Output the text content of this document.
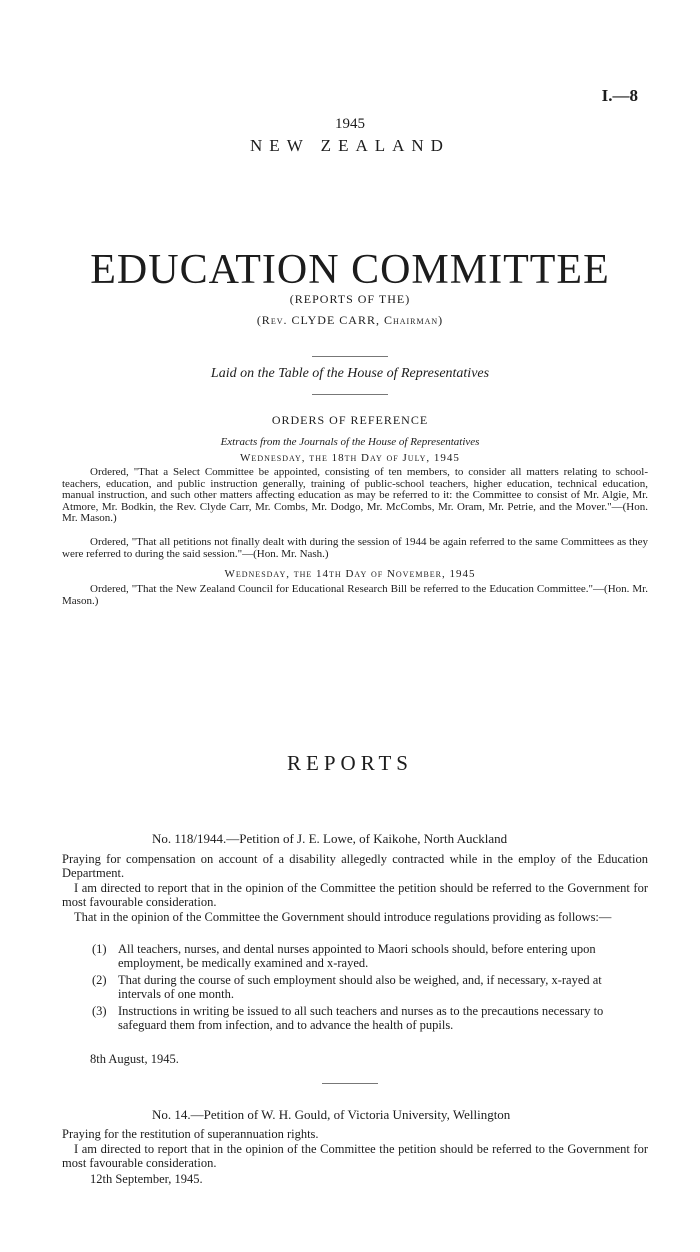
I.—8
1945
NEW ZEALAND
EDUCATION COMMITTEE
(REPORTS OF THE)
(Rev. CLYDE CARR, Chairman)
Laid on the Table of the House of Representatives
ORDERS OF REFERENCE
Extracts from the Journals of the House of Representatives
Wednesday, the 18th Day of July, 1945
Ordered, "That a Select Committee be appointed, consisting of ten members, to consider all matters relating to school-teachers, education, and public instruction generally, training of public-school teachers, higher education, technical education, manual instruction, and such other matters affecting education as may be referred to it: the Committee to consist of Mr. Algie, Mr. Atmore, Mr. Bodkin, the Rev. Clyde Carr, Mr. Combs, Mr. Dodgo, Mr. McCombs, Mr. Oram, Mr. Petrie, and the Mover."—(Hon. Mr. Mason.)
Ordered, "That all petitions not finally dealt with during the session of 1944 be again referred to the same Committees as they were referred to during the said session."—(Hon. Mr. Nash.)
Wednesday, the 14th Day of November, 1945
Ordered, "That the New Zealand Council for Educational Research Bill be referred to the Education Committee."—(Hon. Mr. Mason.)
REPORTS
No. 118/1944.—Petition of J. E. Lowe, of Kaikohe, North Auckland
Praying for compensation on account of a disability allegedly contracted while in the employ of the Education Department.
I am directed to report that in the opinion of the Committee the petition should be referred to the Government for most favourable consideration.
That in the opinion of the Committee the Government should introduce regulations providing as follows:—
(1) All teachers, nurses, and dental nurses appointed to Maori schools should, before entering upon employment, be medically examined and x-rayed.
(2) That during the course of such employment should also be weighed, and, if necessary, x-rayed at intervals of one month.
(3) Instructions in writing be issued to all such teachers and nurses as to the precautions necessary to safeguard them from infection, and to advance the health of pupils.
8th August, 1945.
No. 14.—Petition of W. H. Gould, of Victoria University, Wellington
Praying for the restitution of superannuation rights.
I am directed to report that in the opinion of the Committee the petition should be referred to the Government for most favourable consideration.
12th September, 1945.
